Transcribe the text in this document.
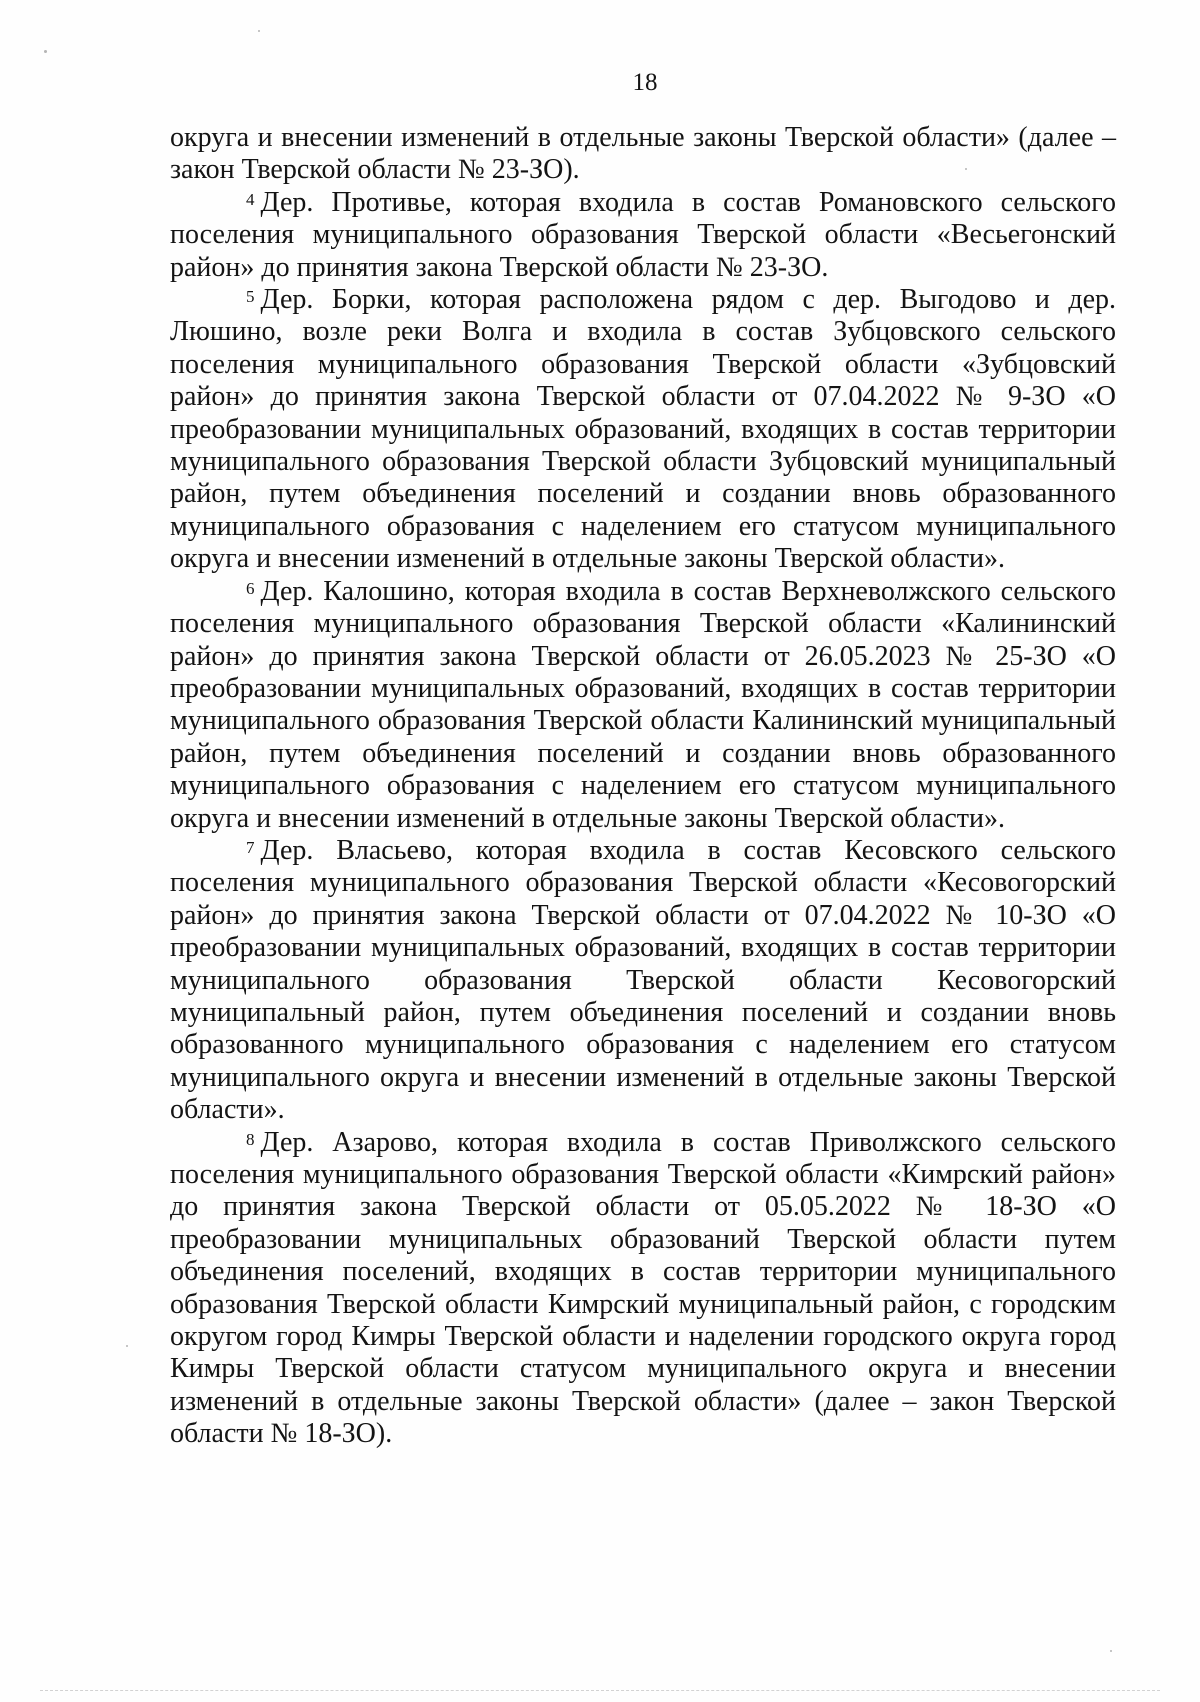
18

округа и внесении изменений в отдельные законы Тверской области» (далее – закон Тверской области № 23-ЗО).

$^4$ Дер. Противье, которая входила в состав Романовского сельского поселения муниципального образования Тверской области «Весьегонский район» до принятия закона Тверской области № 23-ЗО.

$^5$ Дер. Борки, которая расположена рядом с дер. Выгодово и дер. Люшино, возле реки Волга и входила в состав Зубцовского сельского поселения муниципального образования Тверской области «Зубцовский район» до принятия закона Тверской области от 07.04.2022 № 9-ЗО «О преобразовании муниципальных образований, входящих в состав территории муниципального образования Тверской области Зубцовский муниципальный район, путем объединения поселений и создании вновь образованного муниципального образования с наделением его статусом муниципального округа и внесении изменений в отдельные законы Тверской области».

$^6$ Дер. Калошино, которая входила в состав Верхневолжского сельского поселения муниципального образования Тверской области «Калининский район» до принятия закона Тверской области от 26.05.2023 № 25-ЗО «О преобразовании муниципальных образований, входящих в состав территории муниципального образования Тверской области Калининский муниципальный район, путем объединения поселений и создании вновь образованного муниципального образования с наделением его статусом муниципального округа и внесении изменений в отдельные законы Тверской области».

$^7$ Дер. Власьево, которая входила в состав Кесовского сельского поселения муниципального образования Тверской области «Кесовогорский район» до принятия закона Тверской области от 07.04.2022 № 10-ЗО «О преобразовании муниципальных образований, входящих в состав территории муниципального образования Тверской области Кесовогорский муниципальный район, путем объединения поселений и создании вновь образованного муниципального образования с наделением его статусом муниципального округа и внесении изменений в отдельные законы Тверской области».

$^8$ Дер. Азарово, которая входила в состав Приволжского сельского поселения муниципального образования Тверской области «Кимрский район» до принятия закона Тверской области от 05.05.2022 № 18-ЗО «О преобразовании муниципальных образований Тверской области путем объединения поселений, входящих в состав территории муниципального образования Тверской области Кимрский муниципальный район, с городским округом город Кимры Тверской области и наделении городского округа город Кимры Тверской области статусом муниципального округа и внесении изменений в отдельные законы Тверской области» (далее – закон Тверской области № 18-ЗО).
